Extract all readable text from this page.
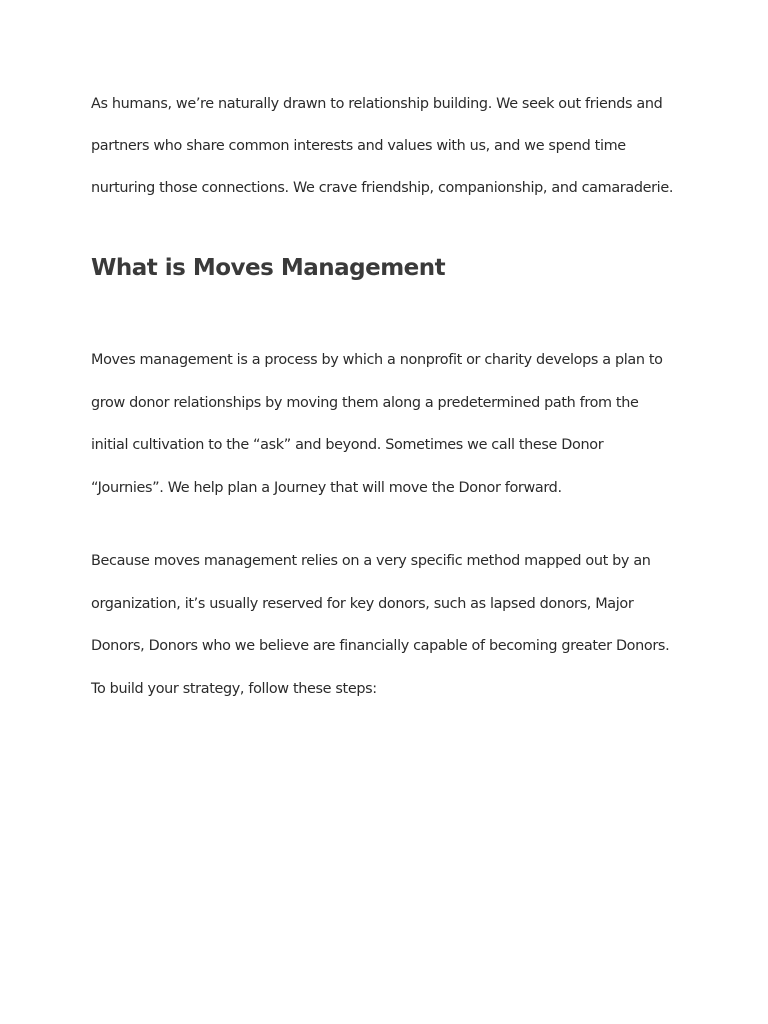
As humans, we’re naturally drawn to relationship building. We seek out friends and

partners who share common interests and values with us, and we spend time

nurturing those connections. We crave friendship, companionship, and camaraderie.

What is Moves Management

Moves management is a process by which a nonprofit or charity develops a plan to

grow donor relationships by moving them along a predetermined path from the

initial cultivation to the “ask” and beyond. Sometimes we call these Donor

“Journies”. We help plan a Journey that will move the Donor forward.

Because moves management relies on a very specific method mapped out by an

organization, it’s usually reserved for key donors, such as lapsed donors, Major

Donors, Donors who we believe are financially capable of becoming greater Donors.

To build your strategy, follow these steps:
